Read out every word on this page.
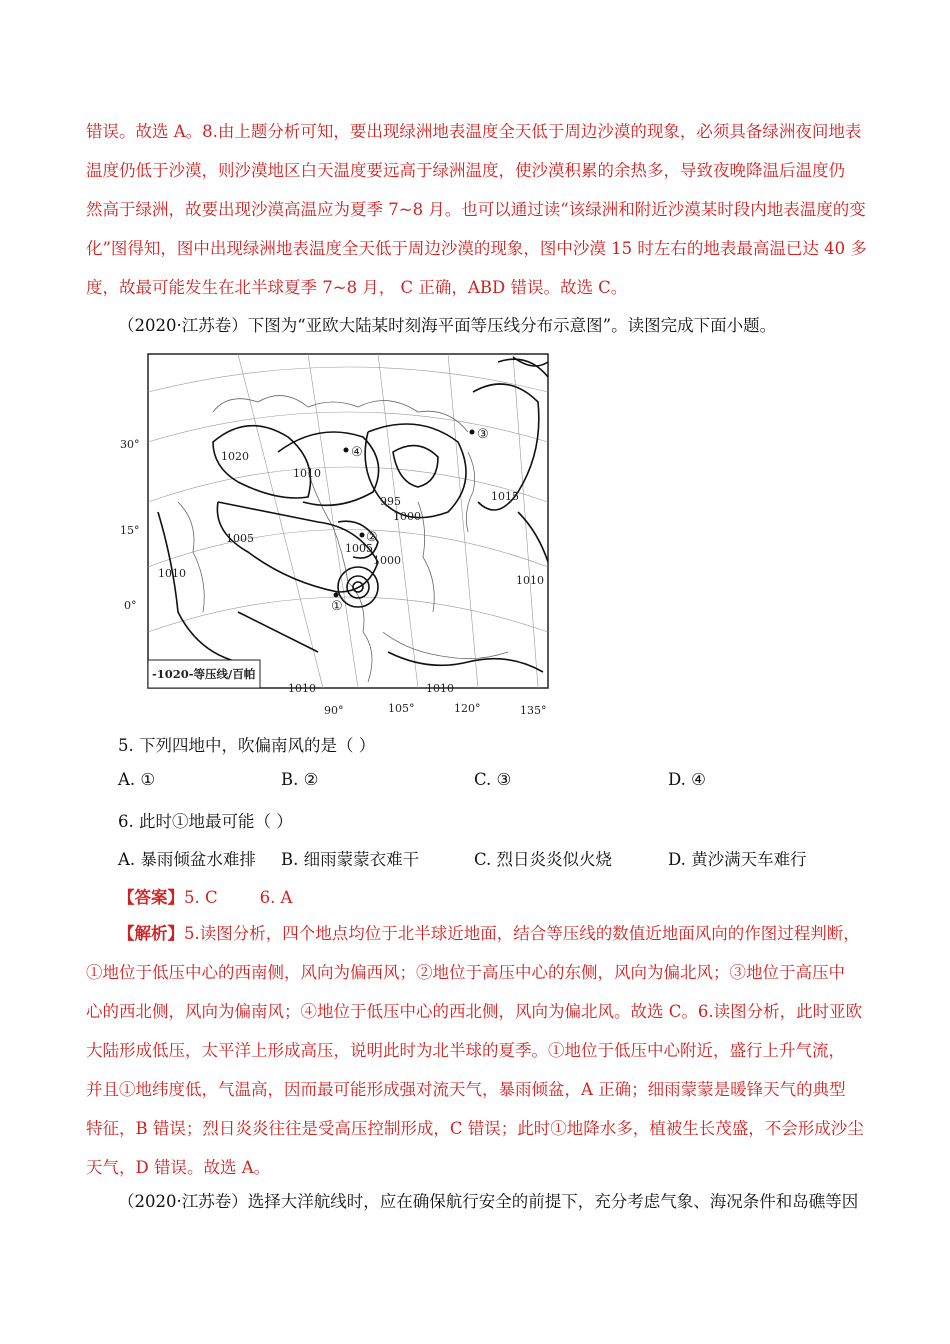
错误。故选 A。8.由上题分析可知，要出现绿洲地表温度全天低于周边沙漠的现象，必须具备绿洲夜间地表
温度仍低于沙漠，则沙漠地区白天温度要远高于绿洲温度，使沙漠积累的余热多，导致夜晚降温后温度仍
然高于绿洲，故要出现沙漠高温应为夏季 7~8 月。也可以通过读“该绿洲和附近沙漠某时段内地表温度的变
化”图得知，图中出现绿洲地表温度全天低于周边沙漠的现象，图中沙漠 15 时左右的地表最高温已达 40 多
度，故最可能发生在北半球夏季 7~8 月， C 正确，ABD 错误。故选 C。
（2020·江苏卷）下图为“亚欧大陆某时刻海平面等压线分布示意图”。读图完成下面小题。
1020
1010
1005
995
1000
1005
1000
1015
1010
1010
1010	1010
①
②
③
④
30°
15°
0°
90°	105°	120°	135°
-1020-等压线/百帕
5. 下列四地中，吹偏南风的是（ ）
A. ①	B. ②	C. ③	D. ④
6. 此时①地最可能（ ）
A. 暴雨倾盆水难排 B. 细雨蒙蒙衣难干	C. 烈日炎炎似火烧	D. 黄沙满天车难行
【答案】5. C        6. A
【解析】5.读图分析，四个地点均位于北半球近地面，结合等压线的数值近地面风向的作图过程判断，
①地位于低压中心的西南侧，风向为偏西风；②地位于高压中心的东侧，风向为偏北风；③地位于高压中
心的西北侧，风向为偏南风；④地位于低压中心的西北侧，风向为偏北风。故选 C。6.读图分析，此时亚欧
大陆形成低压，太平洋上形成高压，说明此时为北半球的夏季。①地位于低压中心附近，盛行上升气流，
并且①地纬度低，气温高，因而最可能形成强对流天气，暴雨倾盆，A 正确；细雨蒙蒙是暖锋天气的典型
特征，B 错误；烈日炎炎往往是受高压控制形成，C 错误；此时①地降水多，植被生长茂盛，不会形成沙尘
天气，D 错误。故选 A。
（2020·江苏卷）选择大洋航线时，应在确保航行安全的前提下，充分考虑气象、海况条件和岛礁等因
